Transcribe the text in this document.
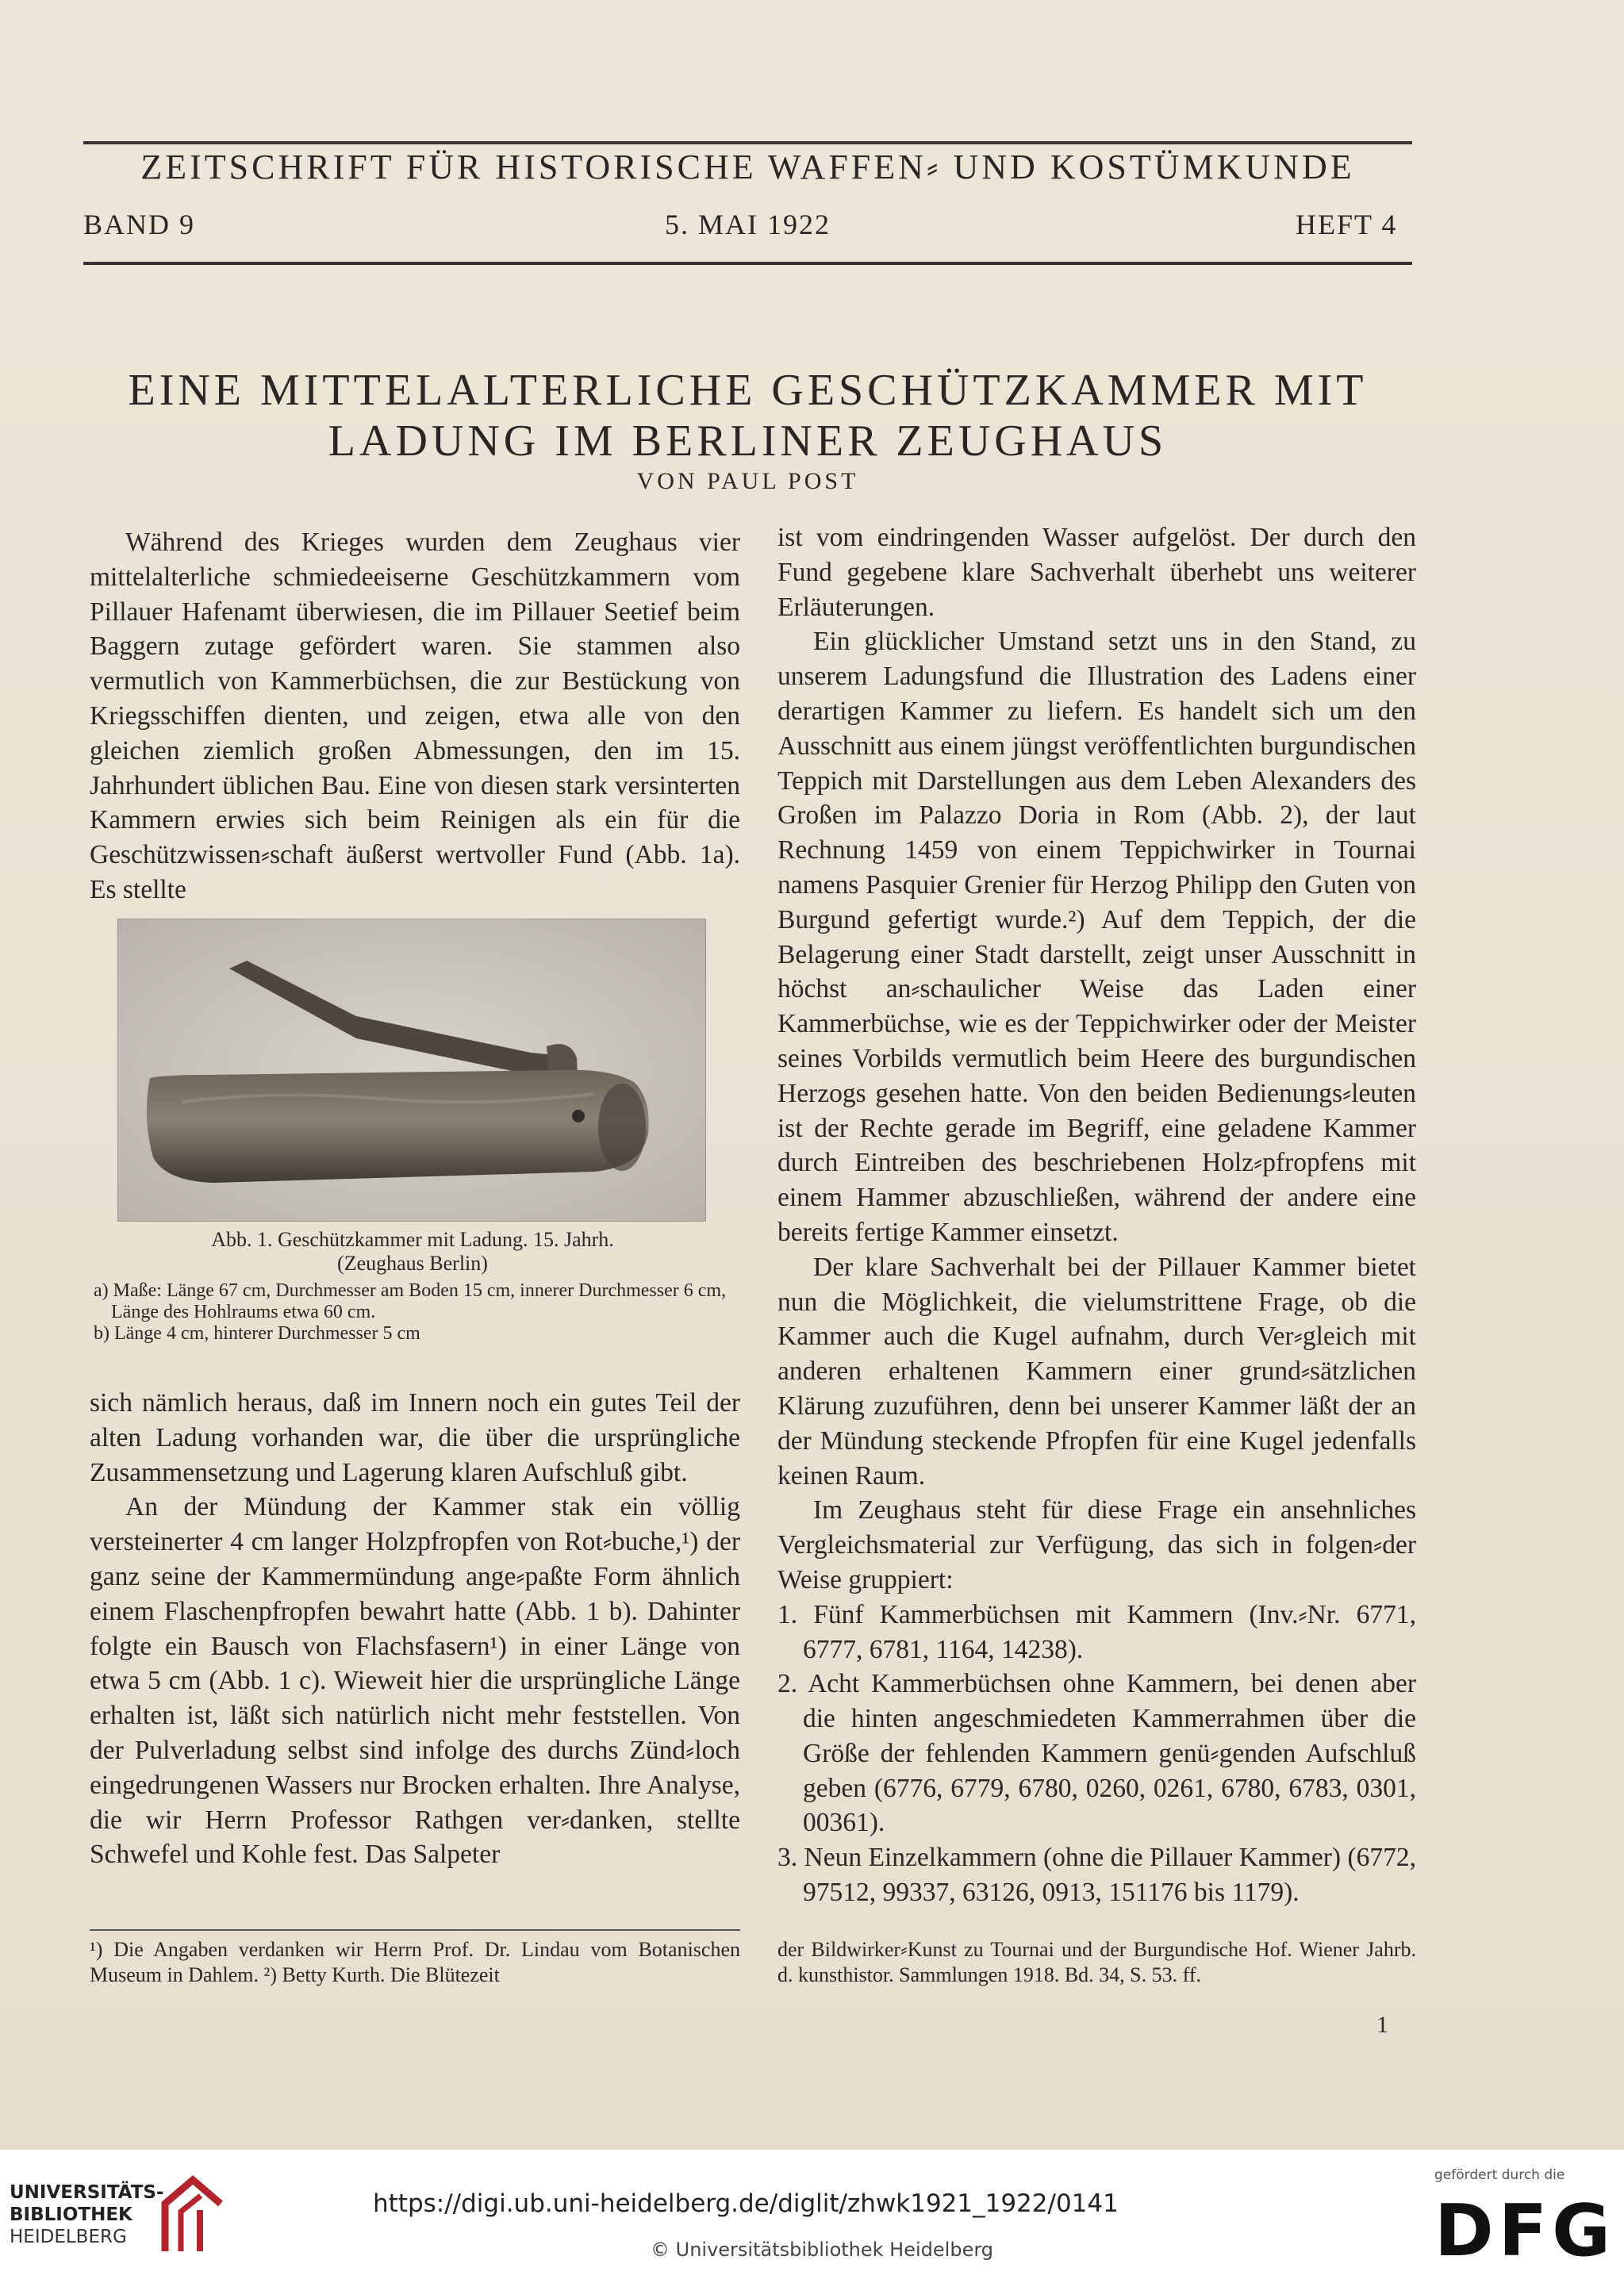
ZEITSCHRIFT FÜR HISTORISCHE WAFFEN⸗ UND KOSTÜMKUNDE
BAND 9	5. MAI 1922	HEFT 4
EINE MITTELALTERLICHE GESCHÜTZKAMMER MIT
LADUNG IM BERLINER ZEUGHAUS
VON PAUL POST

Während des Krieges wurden dem Zeughaus vier mittelalterliche schmiedeeiserne Geschützkammern vom Pillauer Hafenamt überwiesen, die im Pillauer Seetief beim Baggern zutage gefördert waren. Sie stammen also vermutlich von Kammerbüchsen, die zur Bestückung von Kriegsschiffen dienten, und zeigen, etwa alle von den gleichen ziemlich großen Abmessungen, den im 15. Jahrhundert üblichen Bau. Eine von diesen stark versinterten Kammern erwies sich beim Reinigen als ein für die Geschützwissen⸗schaft äußerst wertvoller Fund (Abb. 1a). Es stellte

Abb. 1. Geschützkammer mit Ladung. 15. Jahrh.
(Zeughaus Berlin)
a) Maße: Länge 67 cm, Durchmesser am Boden 15 cm, innerer Durchmesser 6 cm, Länge des Hohlraums etwa 60 cm.
b) Länge 4 cm, hinterer Durchmesser 5 cm

sich nämlich heraus, daß im Innern noch ein gutes Teil der alten Ladung vorhanden war, die über die ursprüngliche Zusammensetzung und Lagerung klaren Aufschluß gibt.

An der Mündung der Kammer stak ein völlig versteinerter 4 cm langer Holzpfropfen von Rot⸗buche,¹) der ganz seine der Kammermündung ange⸗paßte Form ähnlich einem Flaschenpfropfen bewahrt hatte (Abb. 1 b). Dahinter folgte ein Bausch von Flachsfasern¹) in einer Länge von etwa 5 cm (Abb. 1 c). Wieweit hier die ursprüngliche Länge erhalten ist, läßt sich natürlich nicht mehr feststellen. Von der Pulverladung selbst sind infolge des durchs Zünd⸗loch eingedrungenen Wassers nur Brocken erhalten. Ihre Analyse, die wir Herrn Professor Rathgen ver⸗danken, stellte Schwefel und Kohle fest. Das Salpeter

ist vom eindringenden Wasser aufgelöst. Der durch den Fund gegebene klare Sachverhalt überhebt uns weiterer Erläuterungen.

Ein glücklicher Umstand setzt uns in den Stand, zu unserem Ladungsfund die Illustration des Ladens einer derartigen Kammer zu liefern. Es handelt sich um den Ausschnitt aus einem jüngst veröffentlichten burgundischen Teppich mit Darstellungen aus dem Leben Alexanders des Großen im Palazzo Doria in Rom (Abb. 2), der laut Rechnung 1459 von einem Teppichwirker in Tournai namens Pasquier Grenier für Herzog Philipp den Guten von Burgund gefertigt wurde.²) Auf dem Teppich, der die Belagerung einer Stadt darstellt, zeigt unser Ausschnitt in höchst an⸗schaulicher Weise das Laden einer Kammerbüchse, wie es der Teppichwirker oder der Meister seines Vorbilds vermutlich beim Heere des burgundischen Herzogs gesehen hatte. Von den beiden Bedienungs⸗leuten ist der Rechte gerade im Begriff, eine geladene Kammer durch Eintreiben des beschriebenen Holz⸗pfropfens mit einem Hammer abzuschließen, während der andere eine bereits fertige Kammer einsetzt.

Der klare Sachverhalt bei der Pillauer Kammer bietet nun die Möglichkeit, die vielumstrittene Frage, ob die Kammer auch die Kugel aufnahm, durch Ver⸗gleich mit anderen erhaltenen Kammern einer grund⸗sätzlichen Klärung zuzuführen, denn bei unserer Kammer läßt der an der Mündung steckende Pfropfen für eine Kugel jedenfalls keinen Raum.

Im Zeughaus steht für diese Frage ein ansehnliches Vergleichsmaterial zur Verfügung, das sich in folgen⸗der Weise gruppiert:

1. Fünf Kammerbüchsen mit Kammern (Inv.⸗Nr. 6771, 6777, 6781, 1164, 14238).
2. Acht Kammerbüchsen ohne Kammern, bei denen aber die hinten angeschmiedeten Kammerrahmen über die Größe der fehlenden Kammern genü⸗genden Aufschluß geben (6776, 6779, 6780, 0260, 0261, 6780, 6783, 0301, 00361).
3. Neun Einzelkammern (ohne die Pillauer Kammer) (6772, 97512, 99337, 63126, 0913, 151176 bis 1179).
¹) Die Angaben verdanken wir Herrn Prof. Dr. Lindau vom Botanischen Museum in Dahlem. ²) Betty Kurth. Die Blütezeit
der Bildwirker⸗Kunst zu Tournai und der Burgundische Hof. Wiener Jahrb. d. kunsthistor. Sammlungen 1918. Bd. 34, S. 53. ff.
1
UNIVERSITÄTS-
BIBLIOTHEK
HEIDELBERG
https://digi.ub.uni-heidelberg.de/diglit/zhwk1921_1922/0141
© Universitätsbibliothek Heidelberg
gefördert durch die
DFG
